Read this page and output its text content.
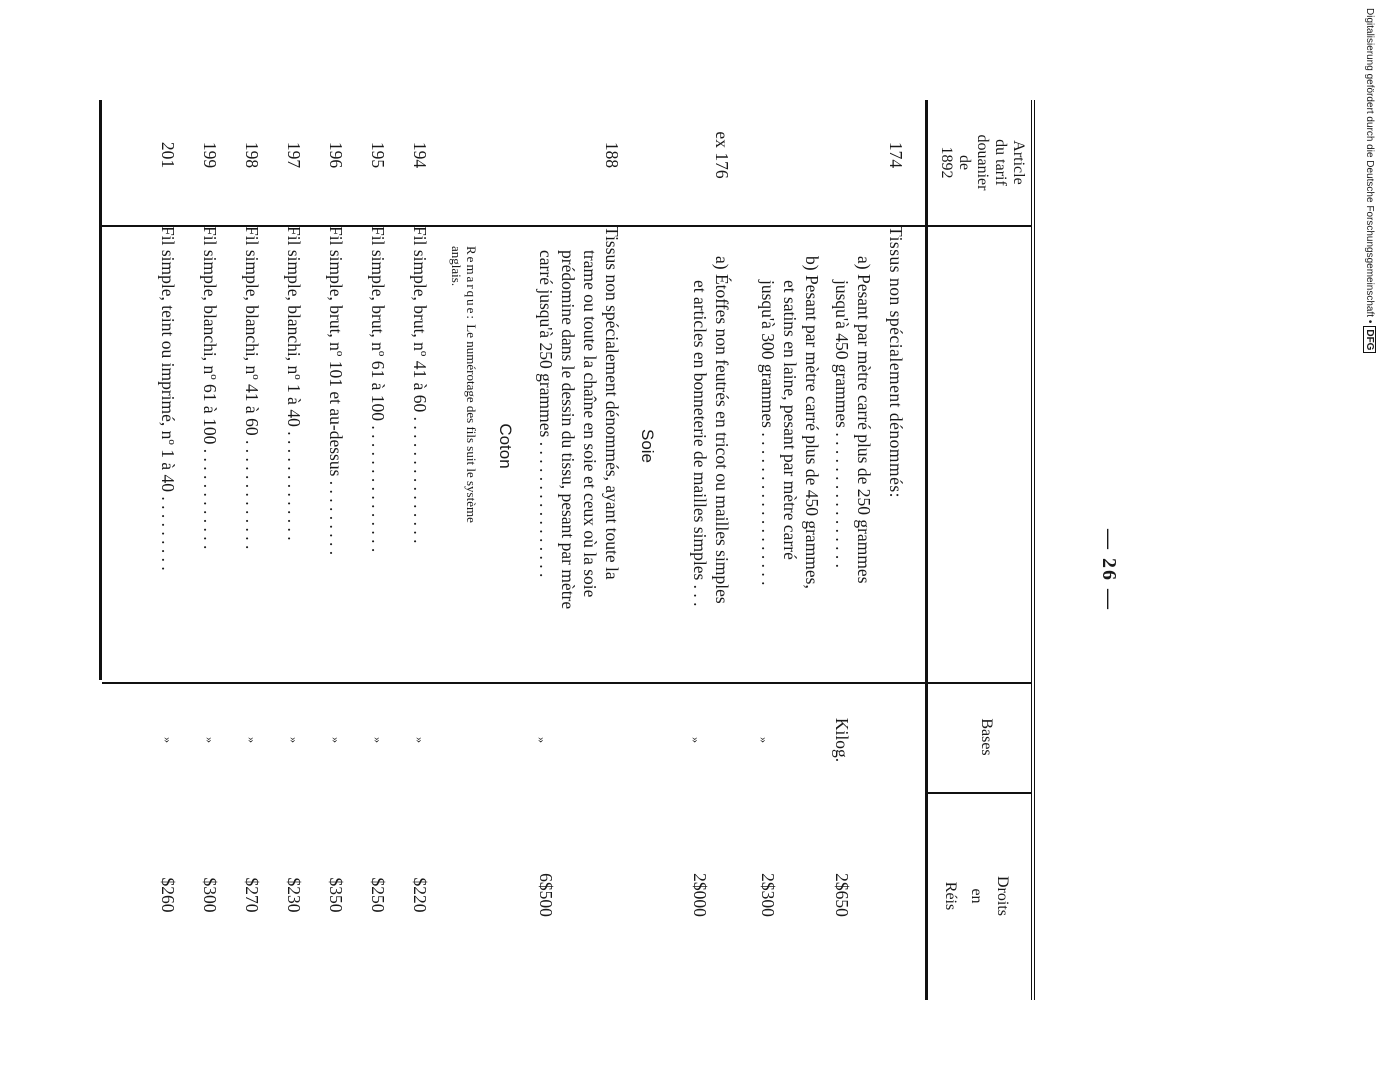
— 26 —
Article
du tarif
douanier
de
1892
Bases
Droits
en
Réis
174
Tissus non spécialement dénommés:
a) Pesant par mètre carré plus de 250 grammes
jusqu'à 450 grammes . . . . . . . . . . . . . . . .
Kilog.
2$650
b) Pesant par mètre carré plus de 450 grammes,
et satins en laine, pesant par mètre carré
jusqu'à 300 grammes . . . . . . . . . . . . . . . . . .
»
2$300
ex 176
a) Étoffes non feutrés en tricot ou mailles simples
et articles en bonneterie de mailles simples . . .
»
2$000
Soie
188
Tissus non spécialement dénommés, ayant toute la
trame ou toute la chaîne en soie et ceux où la soie
prédomine dans le dessin du tissu, pesant par mètre
carré jusqu'à 250 grammes . . . . . . . . . . . . . . . .
»
6$500
Coton
Remarque: Le numérotage des fils suit le système
anglais.
194
Fil simple, brut, nº 41 à 60 . . . . . . . . . . . . . . .
»
$220
195
Fil simple, brut, nº 61 à 100 . . . . . . . . . . . . . . .
»
$250
196
Fil simple, brut, nº 101 et au-dessus . . . . . . . . .
»
$350
197
Fil simple, blanchi, nº 1 à 40 . . . . . . . . . . . . .
»
$230
198
Fil simple, blanchi, nº 41 à 60 . . . . . . . . . . . . .
»
$270
199
Fil simple, blanchi, nº 61 à 100 . . . . . . . . . . . .
»
$300
201
Fil simple, teint ou imprimé, nº 1 à 40 . . . . . . . . .
»
$260
Digitalisierung gefördert durch die Deutsche Forschungsgemeinschaft •DFG
